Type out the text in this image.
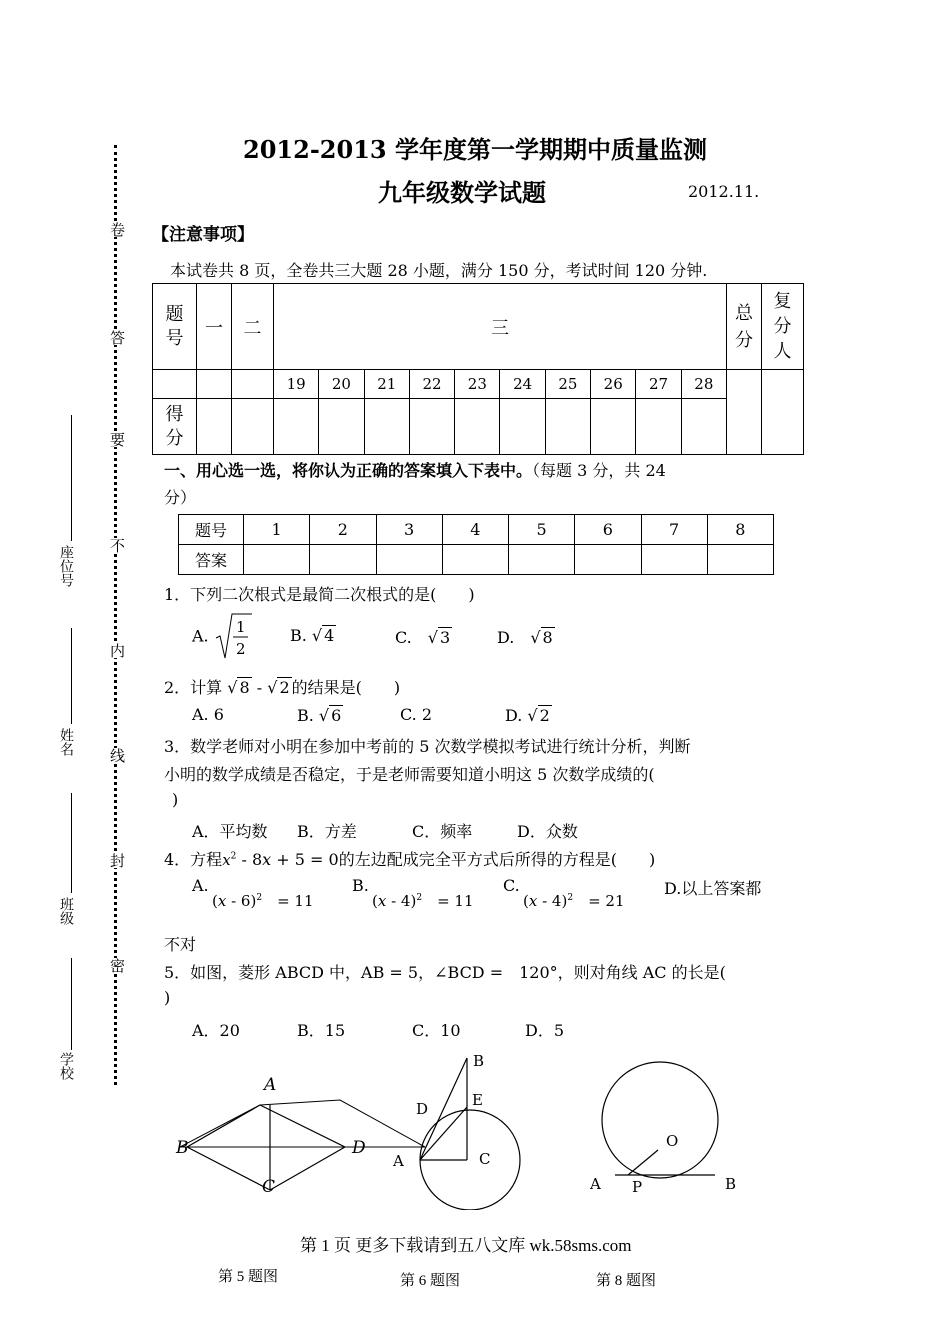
卷
答
要
不
内
线
封
密
座位号
姓名
班级
学校
2012-2013 学年度第一学期期中质量监测
九年级数学试题	2012.11.
【注意事项】
本试卷共 8 页，全卷共三大题 28 小题，满分 150 分，考试时间 120 分钟.
题号	一	二	三										总分	复分人
			19	20	21	22	23	24	25	26	27	28		
得分														
一、用心选一选，将你认为正确的答案填入下表中。（每题 3 分，共 24
分）
题号	1	2	3	4	5	6	7	8
答案								
1．下列二次根式是最简二次根式的是(　　)
A. 1
2
B. √ 4	C.　√ 3	D.　√ 8
2．计算 √ 8 - √ 2 的结果是(　　)
A. 6	B. √ 6	C. 2	D. √ 2
3．数学老师对小明在参加中考前的 5 次数学模拟考试进行统计分析，判断
小明的数学成绩是否稳定，于是老师需要知道小明这 5 次数学成绩的(
)
A．平均数 B．方差	C．频率	D．众数
4．方程$x^2 - 8x + 5 = 0$的左边配成完全平方式后所得的方程是(　　)
A.
(x - 6)$^2$　= 11
B.
(x - 4)$^2$　= 11
C.
(x - 4)$^2$　= 21
D.以上答案都
不对
5．如图，菱形 ABCD 中，AB = 5，∠BCD =　120°，则对角线 AC 的长是(
)
A．20	B．15	C．10	D．5
A
B
C
D
B
D	E
A	C
O
A P	B
第 1 页 更多下载请到五八文库 wk.58sms.com
第 5 题图	第 6 题图	第 8 题图
